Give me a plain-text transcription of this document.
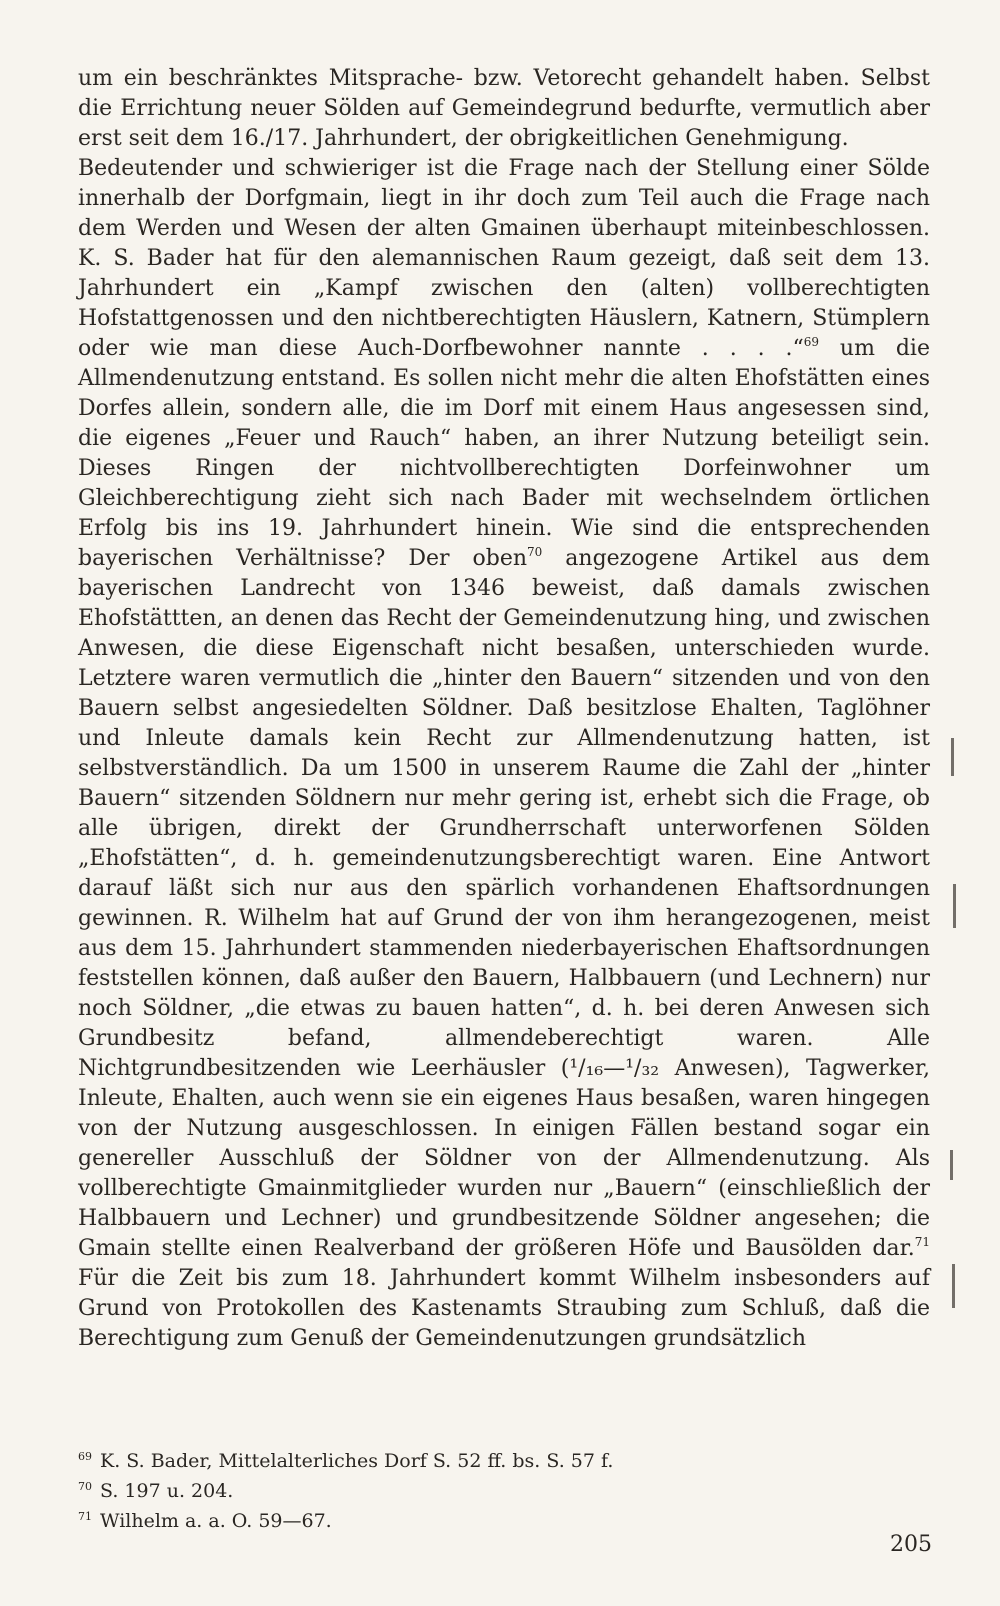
um ein beschränktes Mitsprache- bzw. Vetorecht gehandelt haben. Selbst die Errichtung neuer Sölden auf Gemeindegrund bedurfte, vermutlich aber erst seit dem 16./17. Jahrhundert, der obrigkeitlichen Genehmigung.

Bedeutender und schwieriger ist die Frage nach der Stellung einer Sölde innerhalb der Dorfgmain, liegt in ihr doch zum Teil auch die Frage nach dem Werden und Wesen der alten Gmainen überhaupt miteinbeschlossen. K. S. Bader hat für den alemannischen Raum gezeigt, daß seit dem 13. Jahrhundert ein „Kampf zwischen den (alten) vollberechtigten Hofstattgenossen und den nichtberechtigten Häuslern, Katnern, Stümplern oder wie man diese Auch-Dorfbewohner nannte . . . .“$^{69}$ um die Allmendenutzung entstand. Es sollen nicht mehr die alten Ehofstätten eines Dorfes allein, sondern alle, die im Dorf mit einem Haus angesessen sind, die eigenes „Feuer und Rauch“ haben, an ihrer Nutzung beteiligt sein. Dieses Ringen der nichtvollberechtigten Dorfeinwohner um Gleichberechtigung zieht sich nach Bader mit wechselndem örtlichen Erfolg bis ins 19. Jahrhundert hinein. Wie sind die entsprechenden bayerischen Verhältnisse? Der oben$^{70}$ angezogene Artikel aus dem bayerischen Landrecht von 1346 beweist, daß damals zwischen Ehofstättten, an denen das Recht der Gemeindenutzung hing, und zwischen Anwesen, die diese Eigenschaft nicht besaßen, unterschieden wurde. Letztere waren vermutlich die „hinter den Bauern“ sitzenden und von den Bauern selbst angesiedelten Söldner. Daß besitzlose Ehalten, Taglöhner und Inleute damals kein Recht zur Allmendenutzung hatten, ist selbstverständlich. Da um 1500 in unserem Raume die Zahl der „hinter Bauern“ sitzenden Söldnern nur mehr gering ist, erhebt sich die Frage, ob alle übrigen, direkt der Grundherrschaft unterworfenen Sölden „Ehofstätten“, d. h. gemeindenutzungsberechtigt waren. Eine Antwort darauf läßt sich nur aus den spärlich vorhandenen Ehaftsordnungen gewinnen. R. Wilhelm hat auf Grund der von ihm herangezogenen, meist aus dem 15. Jahrhundert stammenden niederbayerischen Ehaftsordnungen feststellen können, daß außer den Bauern, Halbbauern (und Lechnern) nur noch Söldner, „die etwas zu bauen hatten“, d. h. bei deren Anwesen sich Grundbesitz befand, allmendeberechtigt waren. Alle Nichtgrundbesitzenden wie Leerhäusler (¹/₁₆—¹/₃₂ Anwesen), Tagwerker, Inleute, Ehalten, auch wenn sie ein eigenes Haus besaßen, waren hingegen von der Nutzung ausgeschlossen. In einigen Fällen bestand sogar ein genereller Ausschluß der Söldner von der Allmendenutzung. Als vollberechtigte Gmainmitglieder wurden nur „Bauern“ (einschließlich der Halbbauern und Lechner) und grundbesitzende Söldner angesehen; die Gmain stellte einen Realverband der größeren Höfe und Bausölden dar.$^{71}$ Für die Zeit bis zum 18. Jahrhundert kommt Wilhelm insbesonders auf Grund von Protokollen des Kastenamts Straubing zum Schluß, daß die Berechtigung zum Genuß der Gemeindenutzungen grundsätzlich

$^{69}$ K. S. Bader, Mittelalterliches Dorf S. 52 ff. bs. S. 57 f.

$^{70}$ S. 197 u. 204.

$^{71}$ Wilhelm a. a. O. 59—67.

205
